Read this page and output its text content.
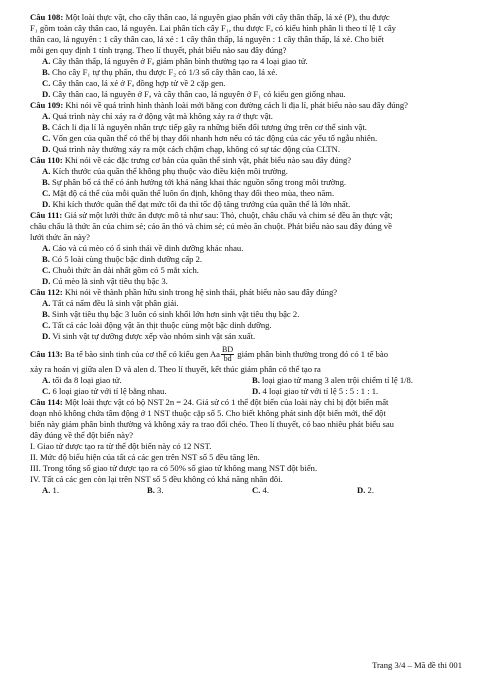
Câu 108: Một loài thực vật, cho cây thân cao, lá nguyên giao phấn với cây thân thấp, lá xẻ (P), thu được
F₁ gồm toàn cây thân cao, lá nguyên. Lai phân tích cây F₁, thu được Fₐ có kiểu hình phân li theo tỉ lệ 1 cây
thân cao, lá nguyên : 1 cây thân cao, lá xẻ : 1 cây thân thấp, lá nguyên : 1 cây thân thấp, lá xẻ. Cho biết
mỗi gen quy định 1 tính trạng. Theo lí thuyết, phát biểu nào sau đây đúng?
A. Cây thân thấp, lá nguyên ở Fₐ giảm phân bình thường tạo ra 4 loại giao tử.
B. Cho cây F₁ tự thụ phấn, thu được F₂ có 1/3 số cây thân cao, lá xẻ.
C. Cây thân cao, lá xẻ ở Fₐ đồng hợp tử về 2 cặp gen.
D. Cây thân cao, lá nguyên ở Fₐ và cây thân cao, lá nguyên ở F₁ có kiểu gen giống nhau.
Câu 109: Khi nói về quá trình hình thành loài mới bằng con đường cách li địa lí, phát biểu nào sau đây đúng?
A. Quá trình này chỉ xảy ra ở động vật mà không xảy ra ở thực vật.
B. Cách li địa lí là nguyên nhân trực tiếp gây ra những biến đổi tương ứng trên cơ thể sinh vật.
C. Vốn gen của quần thể có thể bị thay đổi nhanh hơn nếu có tác động của các yếu tố ngẫu nhiên.
D. Quá trình này thường xảy ra một cách chậm chạp, không có sự tác động của CLTN.
Câu 110: Khi nói về các đặc trưng cơ bản của quần thể sinh vật, phát biểu nào sau đây đúng?
A. Kích thước của quần thể không phụ thuộc vào điều kiện môi trường.
B. Sự phân bố cá thể có ảnh hưởng tới khả năng khai thác nguồn sống trong môi trường.
C. Mật độ cá thể của mỗi quần thể luôn ổn định, không thay đổi theo mùa, theo năm.
D. Khi kích thước quần thể đạt mức tối đa thì tốc độ tăng trưởng của quần thể là lớn nhất.
Câu 111: Giả sử một lưới thức ăn được mô tả như sau: Thỏ, chuột, châu chấu và chim sẻ đều ăn thực vật;
châu chấu là thức ăn của chim sẻ; cáo ăn thỏ và chim sẻ; cú mèo ăn chuột. Phát biểu nào sau đây đúng về
lưới thức ăn này?
A. Cáo và cú mèo có ổ sinh thái về dinh dưỡng khác nhau.
B. Có 5 loài cùng thuộc bậc dinh dưỡng cấp 2.
C. Chuỗi thức ăn dài nhất gồm có 5 mắt xích.
D. Cú mèo là sinh vật tiêu thụ bậc 3.
Câu 112: Khi nói về thành phần hữu sinh trong hệ sinh thái, phát biểu nào sau đây đúng?
A. Tất cả nấm đều là sinh vật phân giải.
B. Sinh vật tiêu thụ bậc 3 luôn có sinh khối lớn hơn sinh vật tiêu thụ bậc 2.
C. Tất cả các loài động vật ăn thịt thuộc cùng một bậc dinh dưỡng.
D. Vi sinh vật tự dưỡng được xếp vào nhóm sinh vật sản xuất.
Câu 113: Ba tế bào sinh tinh của cơ thể có kiểu gen Aa $\frac{BD}{bd}$ giảm phân bình thường trong đó có 1 tế bào
xảy ra hoán vị giữa alen D và alen d. Theo lí thuyết, kết thúc giảm phân có thể tạo ra
A. tối đa 8 loại giao tử.	B. loại giao tử mang 3 alen trội chiếm tỉ lệ 1/8.
C. 6 loại giao tử với tỉ lệ bằng nhau.	D. 4 loại giao tử với tỉ lệ 5 : 5 : 1 : 1.
Câu 114: Một loài thực vật có bộ NST 2n = 24. Giả sử có 1 thể đột biến của loài này chỉ bị đột biến mất
đoạn nhỏ không chứa tâm động ở 1 NST thuộc cặp số 5. Cho biết không phát sinh đột biến mới, thể đột
biến này giảm phân bình thường và không xảy ra trao đổi chéo. Theo lí thuyết, có bao nhiêu phát biểu sau
đây đúng về thể đột biến này?
I. Giao tử được tạo ra từ thể đột biến này có 12 NST.
II. Mức độ biểu hiện của tất cả các gen trên NST số 5 đều tăng lên.
III. Trong tổng số giao tử được tạo ra có 50% số giao tử không mang NST đột biến.
IV. Tất cả các gen còn lại trên NST số 5 đều không có khả năng nhân đôi.
A. 1.	B. 3.	C. 4.	D. 2.
Trang 3/4 – Mã đề thi 001
